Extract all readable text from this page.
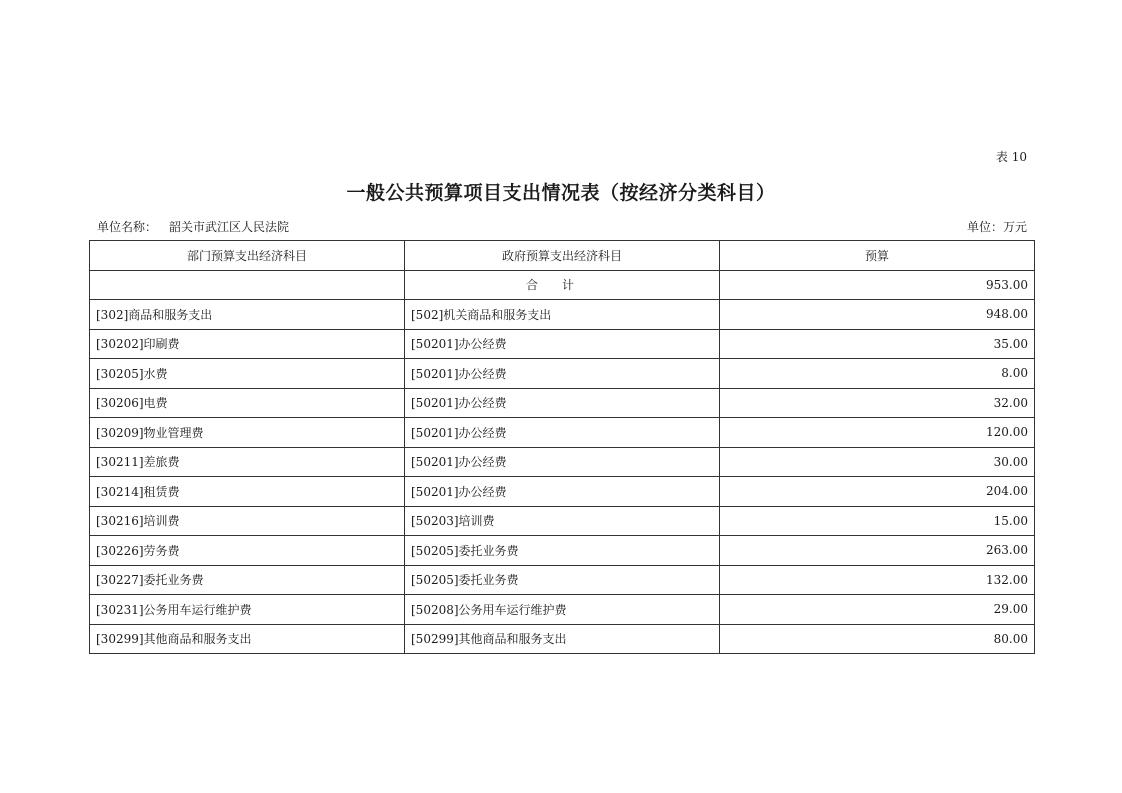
表 10
一般公共预算项目支出情况表（按经济分类科目）
单位名称： 韶关市武江区人民法院	单位：万元
部门预算支出经济科目	政府预算支出经济科目	预算
	合计	953.00
[302]商品和服务支出	[502]机关商品和服务支出	948.00
[30202]印刷费	[50201]办公经费	35.00
[30205]水费	[50201]办公经费	8.00
[30206]电费	[50201]办公经费	32.00
[30209]物业管理费	[50201]办公经费	120.00
[30211]差旅费	[50201]办公经费	30.00
[30214]租赁费	[50201]办公经费	204.00
[30216]培训费	[50203]培训费	15.00
[30226]劳务费	[50205]委托业务费	263.00
[30227]委托业务费	[50205]委托业务费	132.00
[30231]公务用车运行维护费	[50208]公务用车运行维护费	29.00
[30299]其他商品和服务支出	[50299]其他商品和服务支出	80.00
